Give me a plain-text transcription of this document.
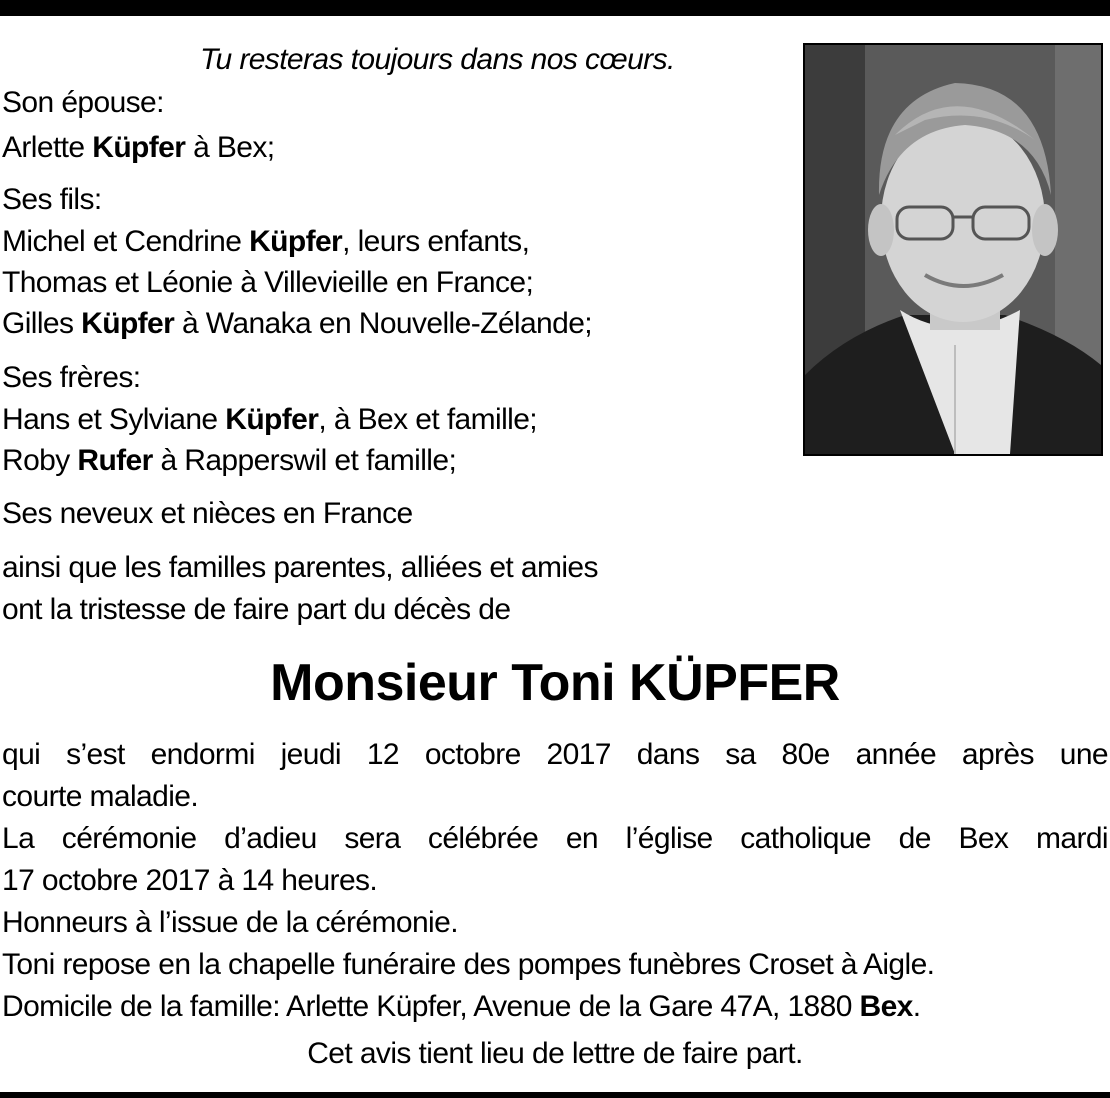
Tu resteras toujours dans nos cœurs.

Son épouse:

Arlette Küpfer à Bex;

Ses fils:

Michel et Cendrine Küpfer, leurs enfants,

Thomas et Léonie à Villevieille en France;

Gilles Küpfer à Wanaka en Nouvelle-Zélande;

Ses frères:

Hans et Sylviane Küpfer, à Bex et famille;

Roby Rufer à Rapperswil et famille;

Ses neveux et nièces en France

ainsi que les familles parentes, alliées et amies

ont la tristesse de faire part du décès de

Monsieur Toni KÜPFER
qui s’est endormi jeudi 12 octobre 2017 dans sa 80e année après une
courte maladie.
La cérémonie d’adieu sera célébrée en l’église catholique de Bex mardi
17 octobre 2017 à 14 heures.
Honneurs à l’issue de la cérémonie.
Toni repose en la chapelle funéraire des pompes funèbres Croset à Aigle.
Domicile de la famille: Arlette Küpfer, Avenue de la Gare 47A, 1880 Bex.

Cet avis tient lieu de lettre de faire part.
